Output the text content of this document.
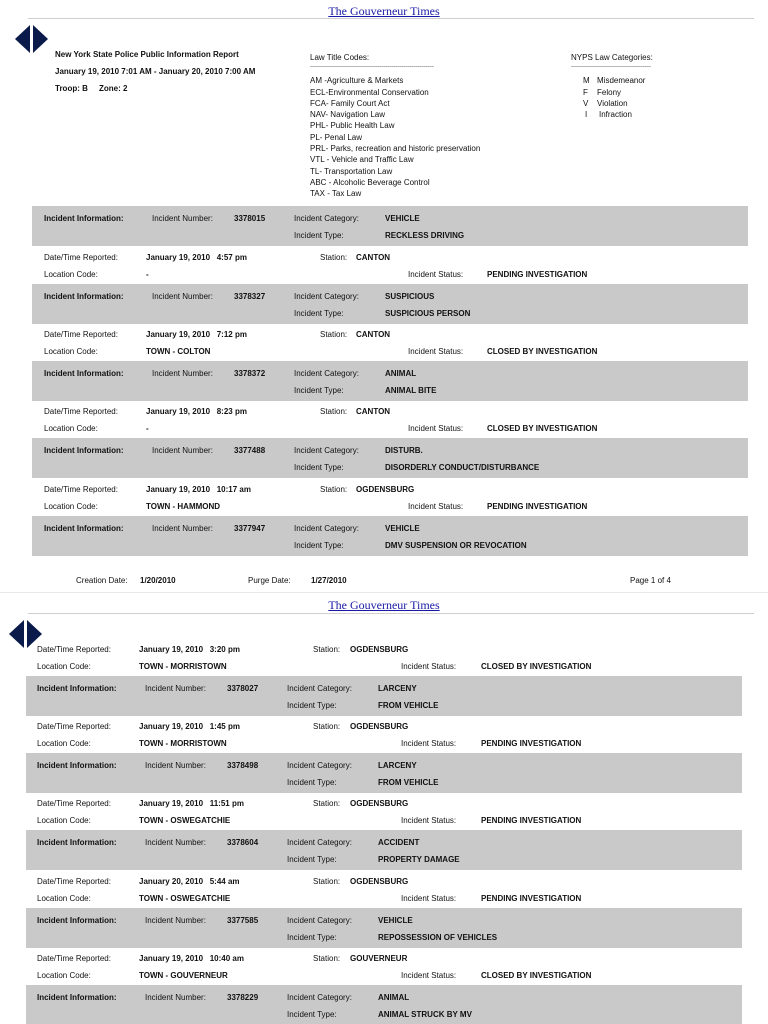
The Gouverneur Times
New York State Police Public Information Report
January 19, 2010 7:01 AM - January 20, 2010 7:00 AM
Troop: B     Zone: 2
Law Title Codes:
--------------------------------------------------------------
AM -Agriculture & Markets
ECL-Environmental Conservation
FCA- Family Court Act
NAV- Navigation Law
PHL- Public Health Law
PL- Penal Law
PRL- Parks, recreation and historic preservation
VTL - Vehicle and Traffic Law
TL- Transportation Law
ABC - Alcoholic Beverage Control
TAX - Tax Law
NYPS Law Categories:
----------------------------------------
M Misdemeanor
F Felony
V Violation
I Infraction
Incident Information:	Incident Number:	3378015	Incident Category:	VEHICLE
Incident Type:	RECKLESS DRIVING
Date/Time Reported:	January 19, 2010   4:57 pm	Station: CANTON
Location Code:	-	Incident Status:	PENDING INVESTIGATION
Incident Information:	Incident Number:	3378327	Incident Category:	SUSPICIOUS
Incident Type:	SUSPICIOUS PERSON
Date/Time Reported:	January 19, 2010   7:12 pm	Station: CANTON
Location Code:	TOWN - COLTON	Incident Status:	CLOSED BY INVESTIGATION
Incident Information:	Incident Number:	3378372	Incident Category:	ANIMAL
Incident Type:	ANIMAL BITE
Date/Time Reported:	January 19, 2010   8:23 pm	Station: CANTON
Location Code:	-	Incident Status:	CLOSED BY INVESTIGATION
Incident Information:	Incident Number:	3377488	Incident Category:	DISTURB.
Incident Type:	DISORDERLY CONDUCT/DISTURBANCE
Date/Time Reported:	January 19, 2010   10:17 am	Station: OGDENSBURG
Location Code:	TOWN - HAMMOND	Incident Status:	PENDING INVESTIGATION
Incident Information:	Incident Number:	3377947	Incident Category:	VEHICLE
Incident Type:	DMV SUSPENSION OR REVOCATION
Creation Date: 1/20/2010	Purge Date:	1/27/2010	Page 1 of 4
The Gouverneur Times
Date/Time Reported:	January 19, 2010   3:20 pm	Station: OGDENSBURG
Location Code:	TOWN - MORRISTOWN	Incident Status:	CLOSED BY INVESTIGATION
Incident Information:	Incident Number:	3378027	Incident Category:	LARCENY
Incident Type:	FROM VEHICLE
Date/Time Reported:	January 19, 2010   1:45 pm	Station: OGDENSBURG
Location Code:	TOWN - MORRISTOWN	Incident Status:	PENDING INVESTIGATION
Incident Information:	Incident Number:	3378498	Incident Category:	LARCENY
Incident Type:	FROM VEHICLE
Date/Time Reported:	January 19, 2010   11:51 pm	Station: OGDENSBURG
Location Code:	TOWN - OSWEGATCHIE	Incident Status:	PENDING INVESTIGATION
Incident Information:	Incident Number:	3378604	Incident Category:	ACCIDENT
Incident Type:	PROPERTY DAMAGE
Date/Time Reported:	January 20, 2010   5:44 am	Station: OGDENSBURG
Location Code:	TOWN - OSWEGATCHIE	Incident Status:	PENDING INVESTIGATION
Incident Information:	Incident Number:	3377585	Incident Category:	VEHICLE
Incident Type:	REPOSSESSION OF VEHICLES
Date/Time Reported:	January 19, 2010   10:40 am	Station: GOUVERNEUR
Location Code:	TOWN - GOUVERNEUR	Incident Status:	CLOSED BY INVESTIGATION
Incident Information:	Incident Number:	3378229	Incident Category:	ANIMAL
Incident Type:	ANIMAL STRUCK BY MV
